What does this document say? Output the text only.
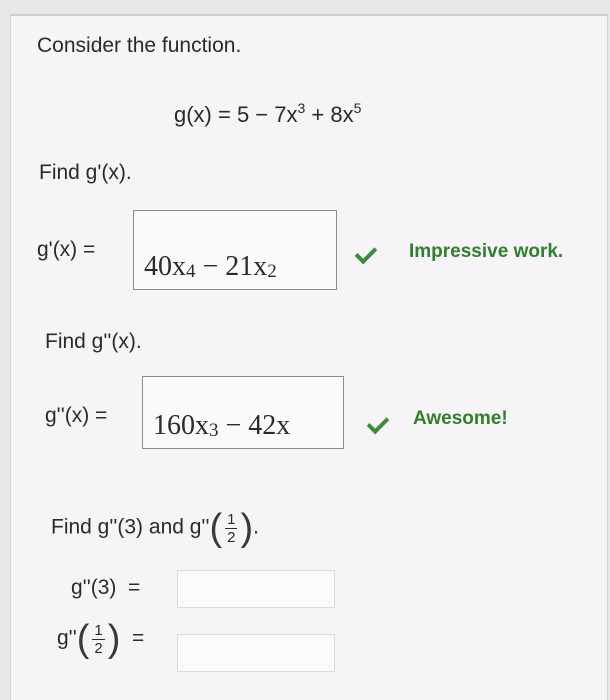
Consider the function.
$g(x) = 5 - 7x^3 + 8x^5$
Find g'(x).
g'(x) =
40x 4 − 21x 2
Impressive work.
Find g''(x).
g''(x) = 160x 3 − 42x	Awesome!
Find g''(3) and $g''( \frac{1}{2}$ ).
g''(3) =
$g''( \frac{1}{2}$ ) =
